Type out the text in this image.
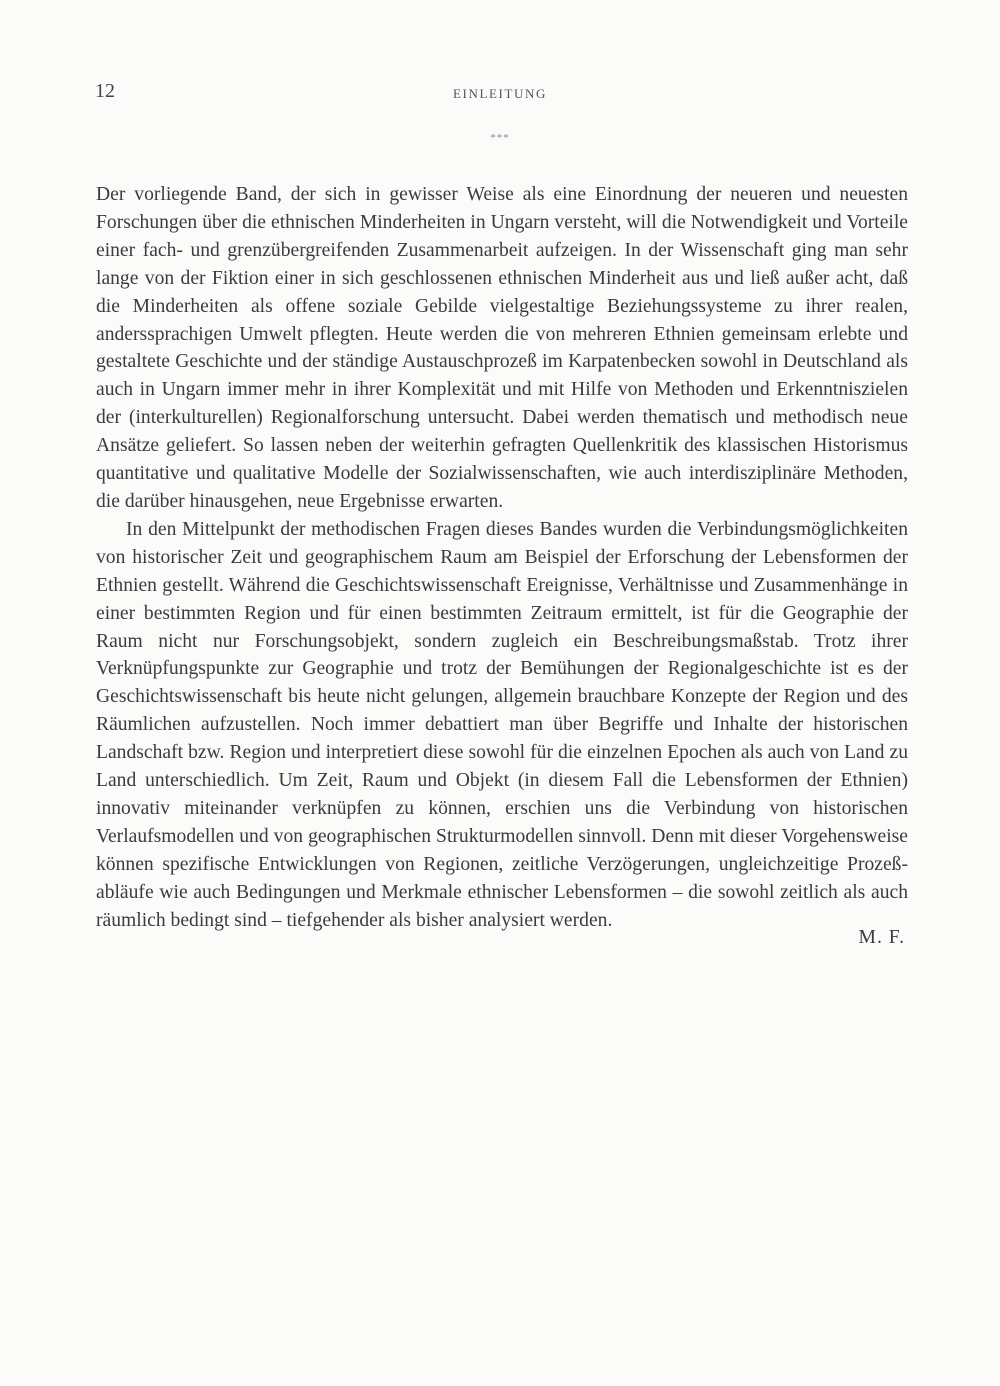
12	EINLEITUNG
***

Der vorliegende Band, der sich in gewisser Weise als eine Einordnung der neueren und neuesten Forschungen über die ethnischen Minderheiten in Ungarn versteht, will die Notwendigkeit und Vorteile einer fach- und grenzübergreifenden Zusammenarbeit aufzeigen. In der Wissenschaft ging man sehr lange von der Fiktion einer in sich geschlossenen ethnischen Minderheit aus und ließ außer acht, daß die Minderheiten als offene soziale Gebilde vielgestaltige Beziehungssysteme zu ihrer realen, anderssprachigen Umwelt pflegten. Heute werden die von mehreren Ethnien gemeinsam erlebte und gestaltete Geschichte und der ständige Austauschprozeß im Karpatenbecken sowohl in Deutschland als auch in Ungarn immer mehr in ihrer Komplexität und mit Hilfe von Methoden und Erkenntniszielen der (interkulturellen) Regionalforschung untersucht. Dabei werden thematisch und methodisch neue Ansätze geliefert. So lassen neben der weiterhin gefragten Quellenkritik des klassischen Historismus quantitative und qualitative Modelle der Sozialwissenschaften, wie auch interdisziplinäre Methoden, die darüber hinausgehen, neue Ergebnisse erwarten.

In den Mittelpunkt der methodischen Fragen dieses Bandes wurden die Verbindungsmöglichkeiten von historischer Zeit und geographischem Raum am Beispiel der Erforschung der Lebensformen der Ethnien gestellt. Während die Geschichtswissenschaft Ereignisse, Verhältnisse und Zusammenhänge in einer bestimmten Region und für einen bestimmten Zeitraum ermittelt, ist für die Geographie der Raum nicht nur Forschungsobjekt, sondern zugleich ein Beschreibungsmaßstab. Trotz ihrer Verknüpfungspunkte zur Geographie und trotz der Bemühungen der Regionalgeschichte ist es der Geschichtswissenschaft bis heute nicht gelungen, allgemein brauchbare Konzepte der Region und des Räumlichen aufzustellen. Noch immer debattiert man über Begriffe und Inhalte der historischen Landschaft bzw. Region und interpretiert diese sowohl für die einzelnen Epochen als auch von Land zu Land unterschiedlich. Um Zeit, Raum und Objekt (in diesem Fall die Lebensformen der Ethnien) innovativ miteinander verknüpfen zu können, erschien uns die Verbindung von historischen Verlaufsmodellen und von geographischen Strukturmodellen sinnvoll. Denn mit dieser Vorgehensweise können spezifische Entwicklungen von Regionen, zeitliche Verzögerungen, ungleichzeitige Prozeßabläufe wie auch Bedingungen und Merkmale ethnischer Lebensformen – die sowohl zeitlich als auch räumlich bedingt sind – tiefgehender als bisher analysiert werden.

M. F.
